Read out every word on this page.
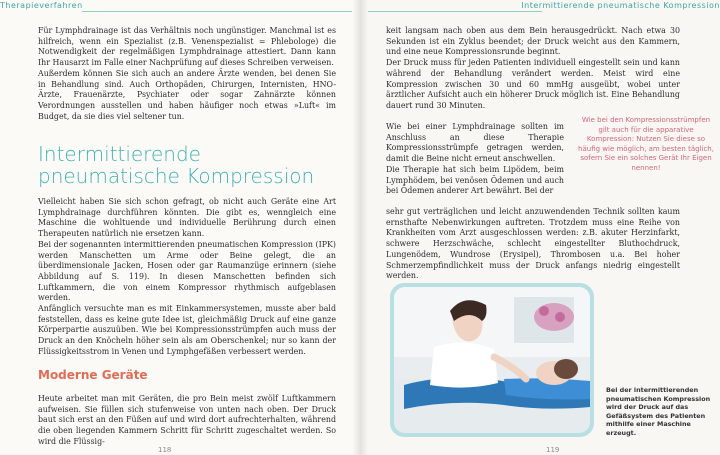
Therapieverfahren

Für Lymphdrainage ist das Verhältnis noch ungünstiger. Manchmal ist es hilfreich, wenn ein Spezialist (z.B. Venenspezialist = Phlebologe) die Notwendigkeit der regelmäßigen Lymphdrainage attestiert. Dann kann Ihr Hausarzt im Falle einer Nachprüfung auf dieses Schreiben verweisen.

Außerdem können Sie sich auch an andere Ärzte wenden, bei denen Sie in Behandlung sind. Auch Orthopäden, Chirurgen, Internisten, HNO-Ärzte, Frauenärzte, Psychiater oder sogar Zahnärzte können Verordnungen ausstellen und haben häufiger noch etwas »Luft« im Budget, da sie dies viel seltener tun.

Intermittierende pneumatische Kompression

Vielleicht haben Sie sich schon gefragt, ob nicht auch Geräte eine Art Lymphdrainage durchführen könnten. Die gibt es, wenngleich eine Maschine die wohltuende und individuelle Berührung durch einen Therapeuten natürlich nie ersetzen kann.

Bei der sogenannten intermittierenden pneumatischen Kompression (IPK) werden Manschetten um Arme oder Beine gelegt, die an überdimensionale Jacken, Hosen oder gar Raumanzüge erinnern (siehe Abbildung auf S. 119). In diesen Manschetten befinden sich Luftkammern, die von einem Kompressor rhythmisch aufgeblasen werden.

Anfänglich versuchte man es mit Einkammersystemen, musste aber bald feststellen, dass es keine gute Idee ist, gleichmäßig Druck auf eine ganze Körperpartie auszuüben. Wie bei Kompressionsstrümpfen auch muss der Druck an den Knöcheln höher sein als am Oberschenkel; nur so kann der Flüssigkeitsstrom in Venen und Lymphgefäßen verbessert werden.

Moderne Geräte

Heute arbeitet man mit Geräten, die pro Bein meist zwölf Luftkammern aufweisen. Sie füllen sich stufenweise von unten nach oben. Der Druck baut sich erst an den Füßen auf und wird dort aufrechterhalten, während die oben liegenden Kammern Schritt für Schritt zugeschaltet werden. So wird die Flüssig-

118
Intermittierende pneumatische Kompression

keit langsam nach oben aus dem Bein herausgedrückt. Nach etwa 30 Sekunden ist ein Zyklus beendet; der Druck weicht aus den Kammern, und eine neue Kompressionsrunde beginnt.

Der Druck muss für jeden Patienten individuell eingestellt sein und kann während der Behandlung verändert werden. Meist wird eine Kompression zwischen 30 und 60 mmHg ausgeübt, wobei unter ärztlicher Aufsicht auch ein höherer Druck möglich ist. Eine Behandlung dauert rund 30 Minuten.

Wie bei einer Lymphdrainage sollten im Anschluss an diese Therapie Kompressionsstrümpfe getragen werden, damit die Beine nicht erneut anschwellen.

Die Therapie hat sich beim Lipödem, beim Lymphödem, bei venösen Ödemen und auch bei Ödemen anderer Art bewährt. Bei der

Wie bei den Kompressionsstrümpfen gilt auch für die apparative Kompression: Nutzen Sie diese so häufig wie möglich, am besten täglich, sofern Sie ein solches Gerät Ihr Eigen nennen!

sehr gut verträglichen und leicht anzuwendenden Technik sollten kaum ernsthafte Nebenwirkungen auftreten. Trotzdem muss eine Reihe von Krankheiten vom Arzt ausgeschlossen werden: z.B. akuter Herzinfarkt, schwere Herzschwäche, schlecht eingestellter Bluthochdruck, Lungenödem, Wundrose (Erysipel), Thrombosen u.a. Bei hoher Schmerzempfindlichkeit muss der Druck anfangs niedrig eingestellt werden.

Bei der intermittierenden pneumatischen Kompression wird der Druck auf das Gefäßsystem des Patienten mithilfe einer Maschine erzeugt.
119
